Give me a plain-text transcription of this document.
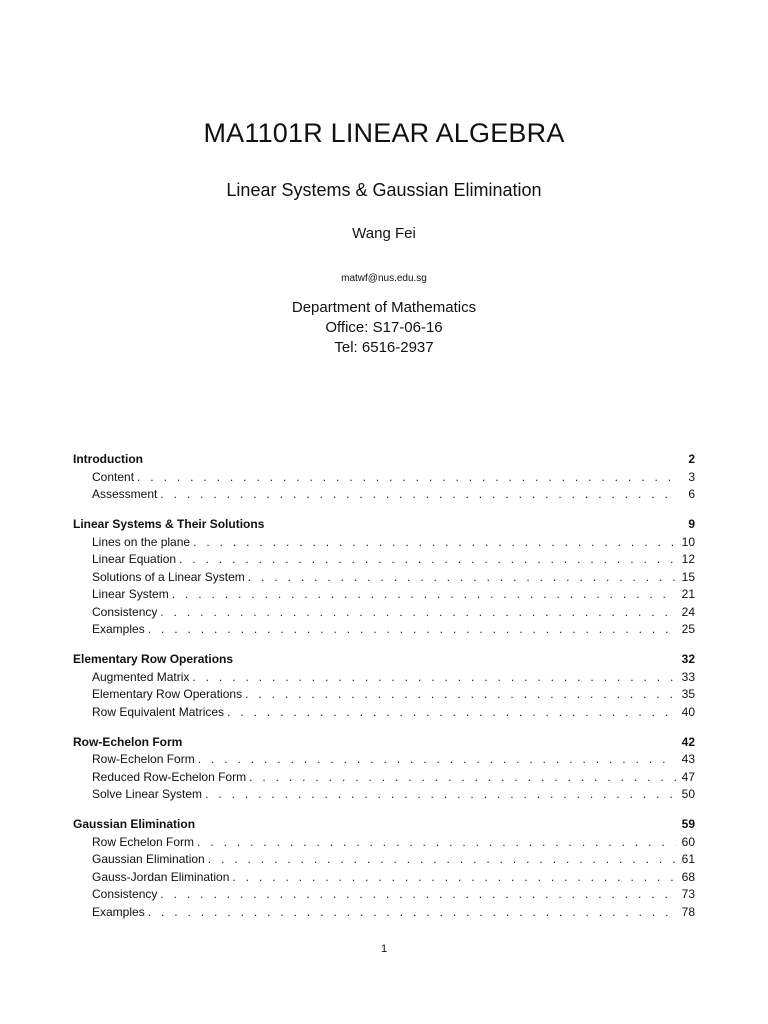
MA1101R LINEAR ALGEBRA
Linear Systems & Gaussian Elimination
Wang Fei
matwf@nus.edu.sg
Department of Mathematics
Office: S17-06-16
Tel: 6516-2937
Introduction	2
Content . . .	3
Assessment . . .	6
Linear Systems & Their Solutions	9
Lines on the plane . . .	10
Linear Equation . . .	12
Solutions of a Linear System . . .	15
Linear System . . .	21
Consistency . . .	24
Examples . . .	25
Elementary Row Operations	32
Augmented Matrix . . .	33
Elementary Row Operations . . .	35
Row Equivalent Matrices . . .	40
Row-Echelon Form	42
Row-Echelon Form . . .	43
Reduced Row-Echelon Form . . .	47
Solve Linear System . . .	50
Gaussian Elimination	59
Row Echelon Form . . .	60
Gaussian Elimination . . .	61
Gauss-Jordan Elimination . . .	68
Consistency . . .	73
Examples . . .	78
1
